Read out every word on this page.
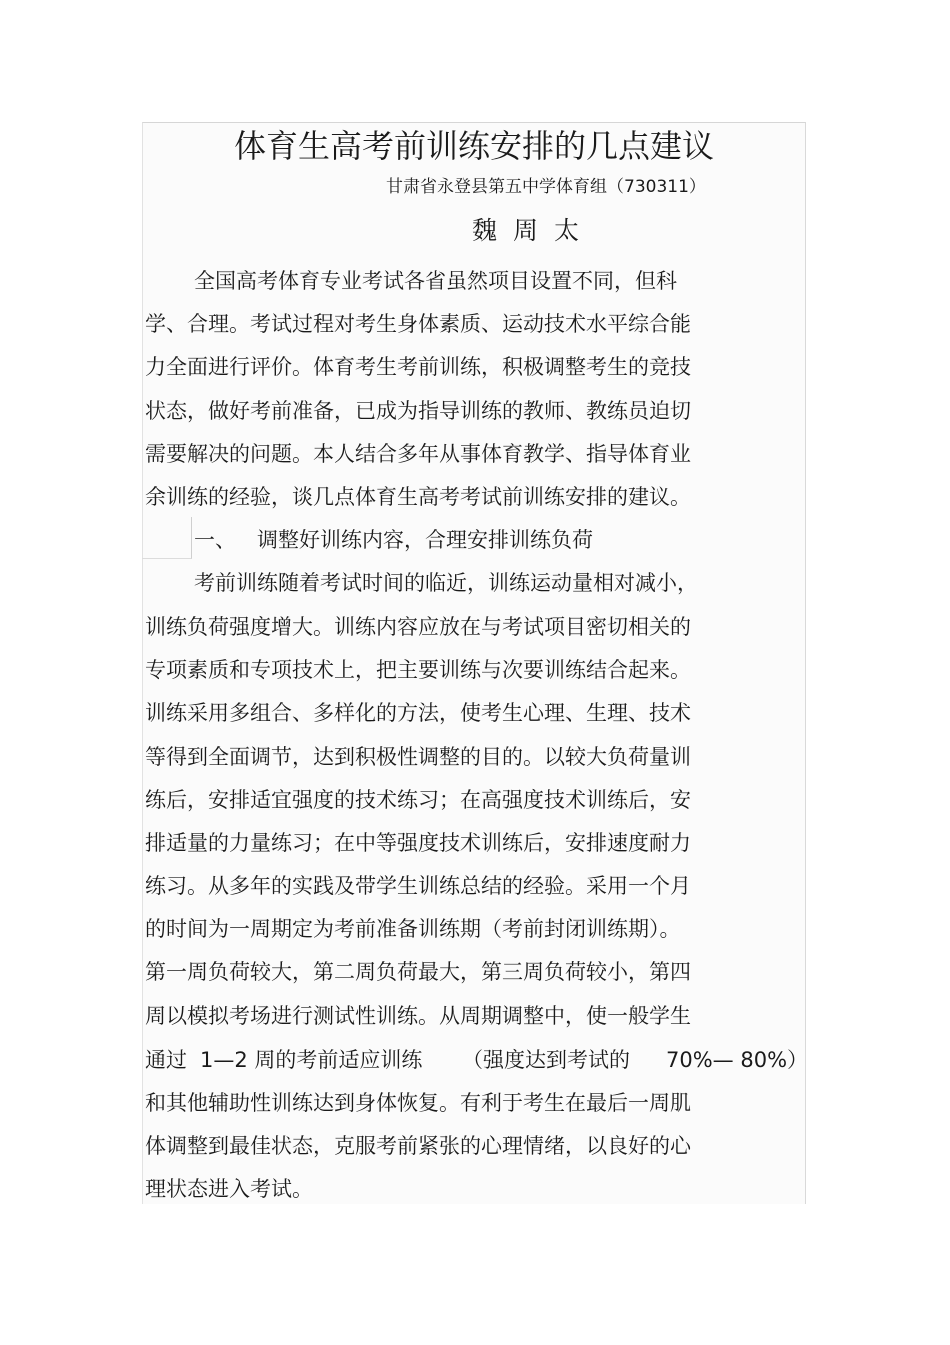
体育生高考前训练安排的几点建议
甘肃省永登县第五中学体育组（730311）
魏周太

全国高考体育专业考试各省虽然项目设置不同，但科

学、合理。考试过程对考生身体素质、运动技术水平综合能

力全面进行评价。体育考生考前训练，积极调整考生的竞技

状态，做好考前准备，已成为指导训练的教师、教练员迫切

需要解决的问题。本人结合多年从事体育教学、指导体育业

余训练的经验，谈几点体育生高考考试前训练安排的建议。

一、 调整好训练内容，合理安排训练负荷

考前训练随着考试时间的临近，训练运动量相对减小，

训练负荷强度增大。训练内容应放在与考试项目密切相关的

专项素质和专项技术上，把主要训练与次要训练结合起来。

训练采用多组合、多样化的方法，使考生心理、生理、技术

等得到全面调节，达到积极性调整的目的。以较大负荷量训

练后，安排适宜强度的技术练习；在高强度技术训练后，安

排适量的力量练习；在中等强度技术训练后，安排速度耐力

练习。从多年的实践及带学生训练总结的经验。采用一个月

的时间为一周期定为考前准备训练期（考前封闭训练期）。

第一周负荷较大，第二周负荷最大，第三周负荷较小，第四

周以模拟考场进行测试性训练。从周期调整中，使一般学生

通过 1—2 周的考前适应训练 （强度达到考试的 70%— 80%）

和其他辅助性训练达到身体恢复。有利于考生在最后一周肌

体调整到最佳状态，克服考前紧张的心理情绪，以良好的心

理状态进入考试。
